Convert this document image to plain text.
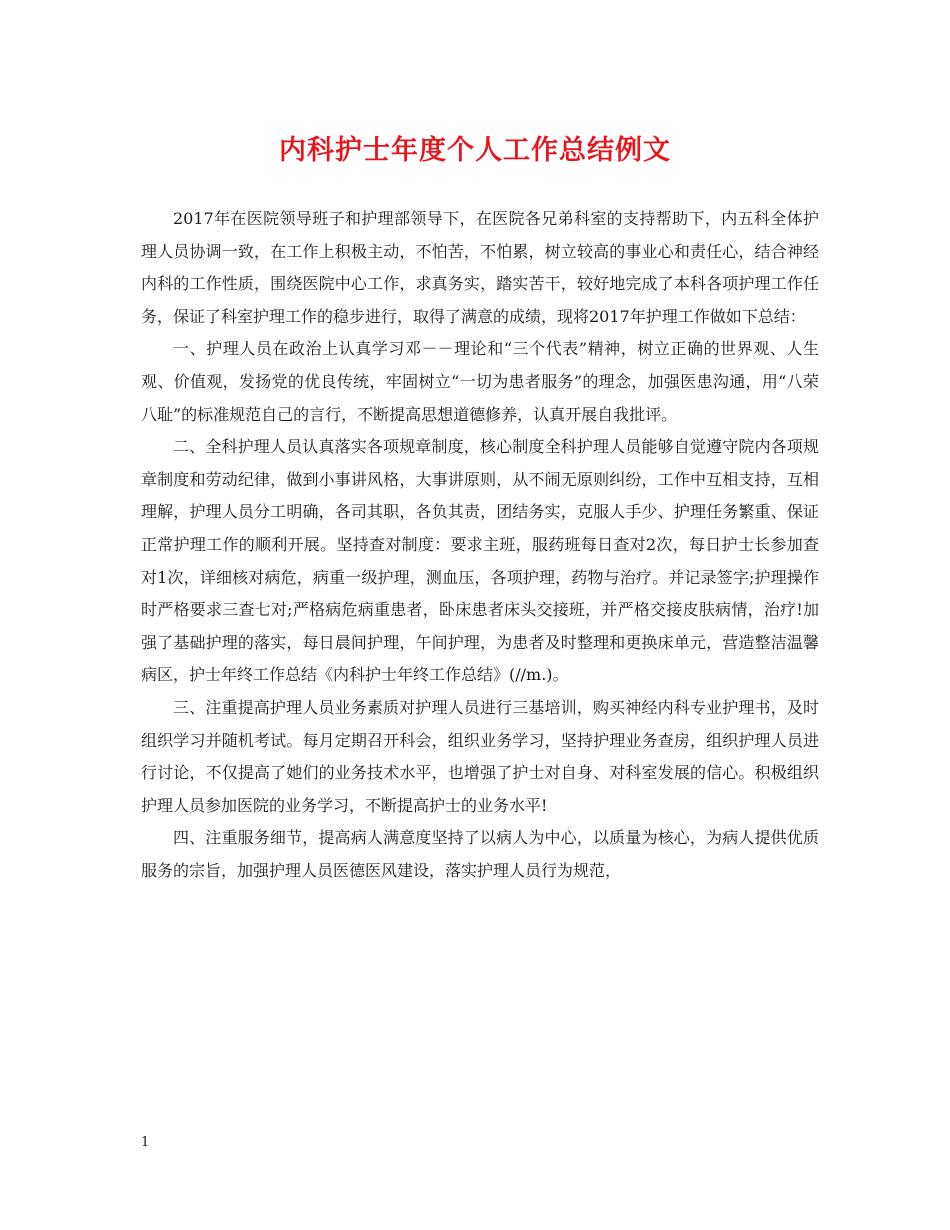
内科护士年度个人工作总结例文

2017年在医院领导班子和护理部领导下，在医院各兄弟科室的支持帮助下，内五科全体护理人员协调一致，在工作上积极主动，不怕苦，不怕累，树立较高的事业心和责任心，结合神经内科的工作性质，围绕医院中心工作，求真务实，踏实苦干，较好地完成了本科各项护理工作任务，保证了科室护理工作的稳步进行，取得了满意的成绩，现将2017年护理工作做如下总结：

一、护理人员在政治上认真学习邓－－理论和“三个代表”精神，树立正确的世界观、人生观、价值观，发扬党的优良传统，牢固树立“一切为患者服务”的理念，加强医患沟通，用“八荣八耻”的标准规范自己的言行，不断提高思想道德修养，认真开展自我批评。

二、全科护理人员认真落实各项规章制度，核心制度全科护理人员能够自觉遵守院内各项规章制度和劳动纪律，做到小事讲风格，大事讲原则，从不闹无原则纠纷，工作中互相支持，互相理解，护理人员分工明确，各司其职，各负其责，团结务实，克服人手少、护理任务繁重、保证正常护理工作的顺利开展。坚持查对制度：要求主班，服药班每日查对2次，每日护士长参加查对1次，详细核对病危，病重一级护理，测血压，各项护理，药物与治疗。并记录签字;护理操作时严格要求三查七对;严格病危病重患者，卧床患者床头交接班，并严格交接皮肤病情，治疗!加强了基础护理的落实，每日晨间护理，午间护理，为患者及时整理和更换床单元，营造整洁温馨病区，护士年终工作总结《内科护士年终工作总结》(//m.)。

三、注重提高护理人员业务素质对护理人员进行三基培训，购买神经内科专业护理书，及时组织学习并随机考试。每月定期召开科会，组织业务学习，坚持护理业务查房，组织护理人员进行讨论，不仅提高了她们的业务技术水平，也增强了护士对自身、对科室发展的信心。积极组织护理人员参加医院的业务学习，不断提高护士的业务水平!

四、注重服务细节，提高病人满意度坚持了以病人为中心，以质量为核心，为病人提供优质服务的宗旨，加强护理人员医德医风建设，落实护理人员行为规范，

1
